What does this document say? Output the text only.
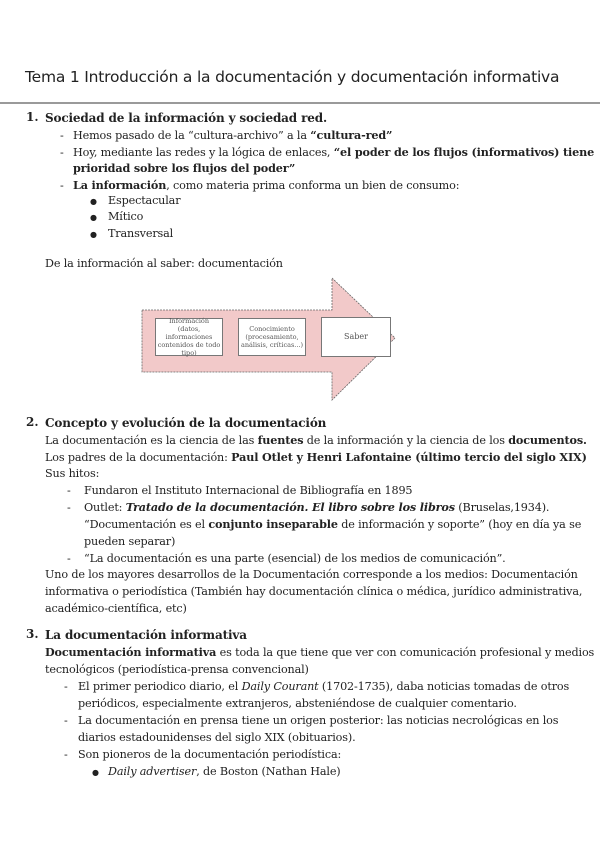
Tema 1 Introducción a la documentación y documentación informativa
1. Sociedad de la información y sociedad red.
- Hemos pasado de la “cultura-archivo” a la “cultura-red”
- Hoy, mediante las redes y la lógica de enlaces, “el poder de los flujos (informativos) tiene
prioridad sobre los flujos del poder”
- La información, como materia prima conforma un bien de consumo:
● Espectacular
● Mítico
● Transversal
De la información al saber: documentación
Información (datos, informaciones contenidos de todo tipo)
Conocimiento (procesamiento, análisis, críticas...)
Saber
2. Concepto y evolución de la documentación
La documentación es la ciencia de las fuentes de la información y la ciencia de los documentos.
Los padres de la documentación: Paul Otlet y Henri Lafontaine (último tercio del siglo XIX)
Sus hitos:
- Fundaron el Instituto Internacional de Bibliografía en 1895
- Outlet: Tratado de la documentación. El libro sobre los libros (Bruselas,1934).
“Documentación es el conjunto inseparable de información y soporte” (hoy en día ya se
pueden separar)
- “La documentación es una parte (esencial) de los medios de comunicación”.
Uno de los mayores desarrollos de la Documentación corresponde a los medios: Documentación
informativa o periodística (También hay documentación clínica o médica, jurídico administrativa,
académico-científica, etc)
3. La documentación informativa
Documentación informativa es toda la que tiene que ver con comunicación profesional y medios
tecnológicos (periodística-prensa convencional)
- El primer periodico diario, el Daily Courant (1702-1735), daba noticias tomadas de otros
periódicos, especialmente extranjeros, absteniéndose de cualquier comentario.
- La documentación en prensa tiene un origen posterior: las noticias necrológicas en los
diarios estadounidenses del siglo XIX (obituarios).
- Son pioneros de la documentación periodística:
● Daily advertiser, de Boston (Nathan Hale)
